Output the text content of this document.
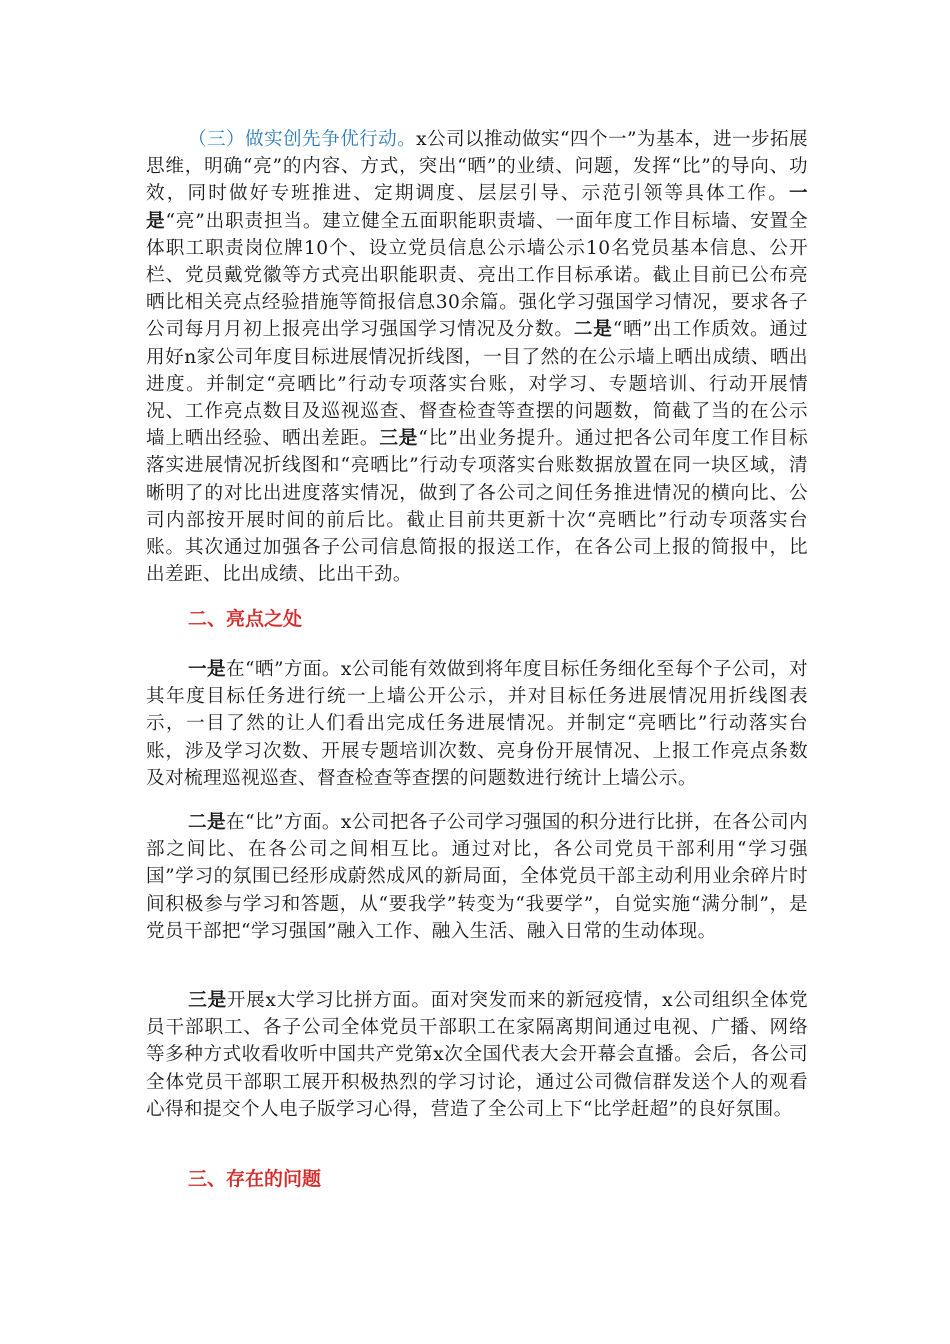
（三）做实创先争优行动。x公司以推动做实“四个一”为基本，进一步拓展思维，明确“亮”的内容、方式，突出“晒”的业绩、问题，发挥“比”的导向、功效，同时做好专班推进、定期调度、层层引导、示范引领等具体工作。一是“亮”出职责担当。建立健全五面职能职责墙、一面年度工作目标墙、安置全体职工职责岗位牌10个、设立党员信息公示墙公示10名党员基本信息、公开栏、党员戴党徽等方式亮出职能职责、亮出工作目标承诺。截止目前已公布亮晒比相关亮点经验措施等简报信息30余篇。强化学习强国学习情况，要求各子公司每月月初上报亮出学习强国学习情况及分数。二是“晒”出工作质效。通过用好n家公司年度目标进展情况折线图，一目了然的在公示墙上晒出成绩、晒出进度。并制定“亮晒比”行动专项落实台账，对学习、专题培训、行动开展情况、工作亮点数目及巡视巡查、督查检查等查摆的问题数，简截了当的在公示墙上晒出经验、晒出差距。三是“比”出业务提升。通过把各公司年度工作目标落实进展情况折线图和“亮晒比”行动专项落实台账数据放置在同一块区域，清晰明了的对比出进度落实情况，做到了各公司之间任务推进情况的横向比、公司内部按开展时间的前后比。截止目前共更新十次“亮晒比”行动专项落实台账。其次通过加强各子公司信息简报的报送工作，在各公司上报的简报中，比出差距、比出成绩、比出干劲。

二、亮点之处

一是在“晒”方面。x公司能有效做到将年度目标任务细化至每个子公司，对其年度目标任务进行统一上墙公开公示，并对目标任务进展情况用折线图表示，一目了然的让人们看出完成任务进展情况。并制定“亮晒比”行动落实台账，涉及学习次数、开展专题培训次数、亮身份开展情况、上报工作亮点条数及对梳理巡视巡查、督查检查等查摆的问题数进行统计上墙公示。

二是在“比”方面。x公司把各子公司学习强国的积分进行比拼，在各公司内部之间比、在各公司之间相互比。通过对比，各公司党员干部利用“学习强国”学习的氛围已经形成蔚然成风的新局面，全体党员干部主动利用业余碎片时间积极参与学习和答题，从“要我学”转变为“我要学”，自觉实施“满分制”，是党员干部把“学习强国”融入工作、融入生活、融入日常的生动体现。

三是开展x大学习比拼方面。面对突发而来的新冠疫情，x公司组织全体党员干部职工、各子公司全体党员干部职工在家隔离期间通过电视、广播、网络等多种方式收看收听中国共产党第x次全国代表大会开幕会直播。会后，各公司全体党员干部职工展开积极热烈的学习讨论，通过公司微信群发送个人的观看心得和提交个人电子版学习心得，营造了全公司上下“比学赶超”的良好氛围。

三、存在的问题
